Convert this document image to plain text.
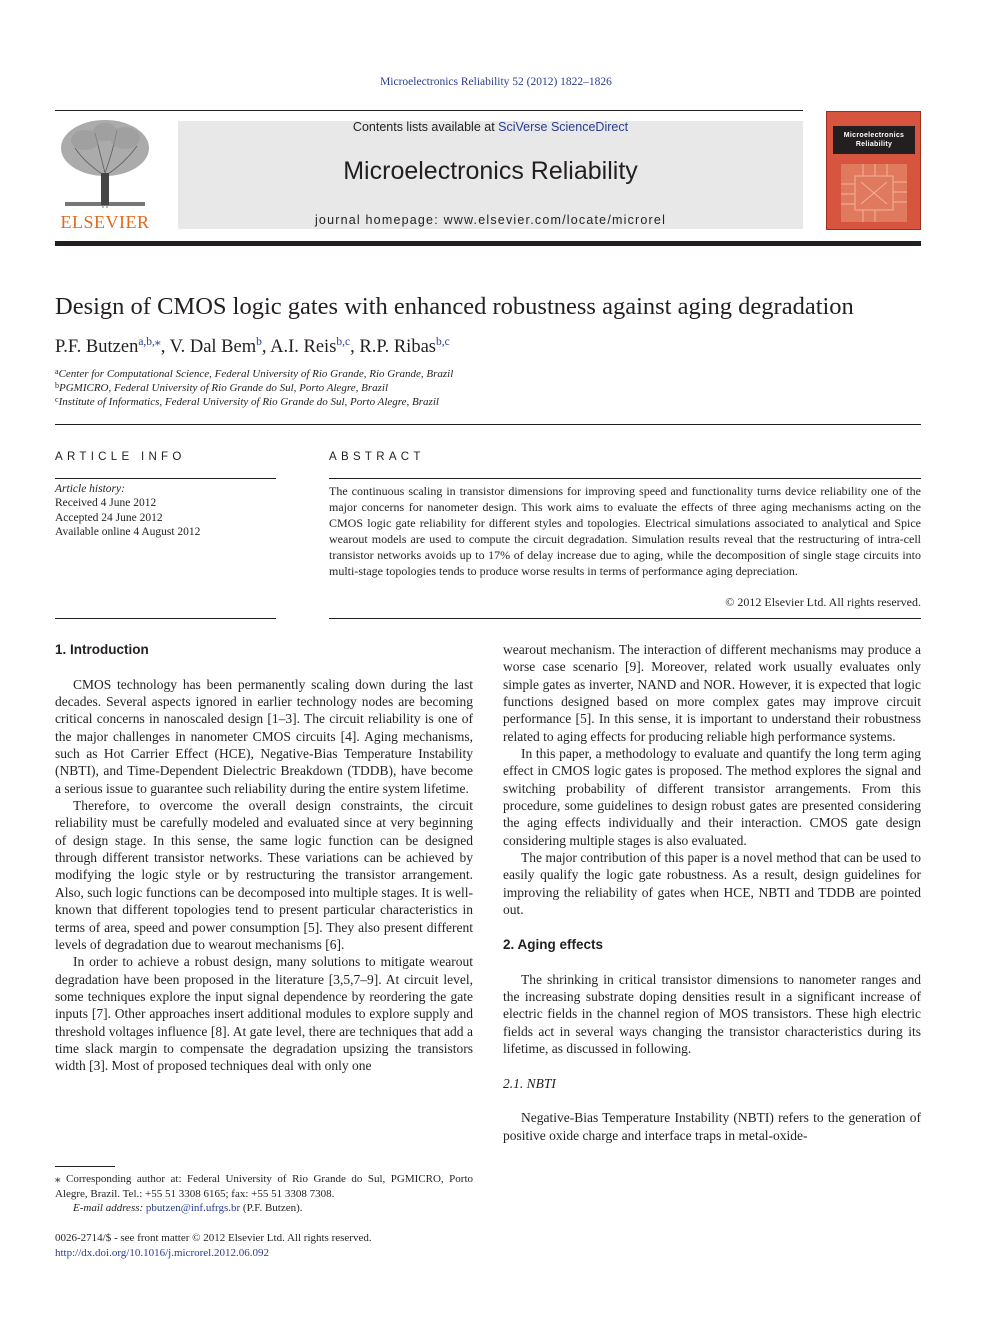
Microelectronics Reliability 52 (2012) 1822–1826
ELSEVIER
Contents lists available at SciVerse ScienceDirect
Microelectronics Reliability
journal homepage: www.elsevier.com/locate/microrel
Microelectronics
Reliability
Design of CMOS logic gates with enhanced robustness against aging degradation
P.F. Butzen$^{a,b,⁎}$, V. Dal Bem$^b$, A.I. Reis$^{b,c}$, R.P. Ribas$^{b,c}$
$^a$Center for Computational Science, Federal University of Rio Grande, Rio Grande, Brazil
$^b$PGMICRO, Federal University of Rio Grande do Sul, Porto Alegre, Brazil
$^c$Institute of Informatics, Federal University of Rio Grande do Sul, Porto Alegre, Brazil
ARTICLE INFO
Article history:
Received 4 June 2012
Accepted 24 June 2012
Available online 4 August 2012
ABSTRACT
The continuous scaling in transistor dimensions for improving speed and functionality turns device reliability one of the major concerns for nanometer design. This work aims to evaluate the effects of three aging mechanisms acting on the CMOS logic gate reliability for different styles and topologies. Electrical simulations associated to analytical and Spice wearout models are used to compute the circuit degradation. Simulation results reveal that the restructuring of intra-cell transistor networks avoids up to 17% of delay increase due to aging, while the decomposition of single stage circuits into multi-stage topologies tends to produce worse results in terms of performance aging depreciation.
© 2012 Elsevier Ltd. All rights reserved.
1. Introduction

CMOS technology has been permanently scaling down during the last decades. Several aspects ignored in earlier technology nodes are becoming critical concerns in nanoscaled design [1–3]. The circuit reliability is one of the major challenges in nanometer CMOS circuits [4]. Aging mechanisms, such as Hot Carrier Effect (HCE), Negative-Bias Temperature Instability (NBTI), and Time-Dependent Dielectric Breakdown (TDDB), have become a serious issue to guarantee such reliability during the entire system lifetime.

Therefore, to overcome the overall design constraints, the circuit reliability must be carefully modeled and evaluated since at very beginning of design stage. In this sense, the same logic function can be designed through different transistor networks. These variations can be achieved by modifying the logic style or by restructuring the transistor arrangement. Also, such logic functions can be decomposed into multiple stages. It is well-known that different topologies tend to present particular characteristics in terms of area, speed and power consumption [5]. They also present different levels of degradation due to wearout mechanisms [6].

In order to achieve a robust design, many solutions to mitigate wearout degradation have been proposed in the literature [3,5,7–9]. At circuit level, some techniques explore the input signal dependence by reordering the gate inputs [7]. Other approaches insert additional modules to explore supply and threshold voltages influence [8]. At gate level, there are techniques that add a time slack margin to compensate the degradation upsizing the transistors width [3]. Most of proposed techniques deal with only one

wearout mechanism. The interaction of different mechanisms may produce a worse case scenario [9]. Moreover, related work usually evaluates only simple gates as inverter, NAND and NOR. However, it is expected that logic functions designed based on more complex gates may improve circuit performance [5]. In this sense, it is important to understand their robustness related to aging effects for producing reliable high performance systems.

In this paper, a methodology to evaluate and quantify the long term aging effect in CMOS logic gates is proposed. The method explores the signal and switching probability of different transistor arrangements. From this procedure, some guidelines to design robust gates are presented considering the aging effects individually and their interaction. CMOS gate design considering multiple stages is also evaluated.

The major contribution of this paper is a novel method that can be used to easily qualify the logic gate robustness. As a result, design guidelines for improving the reliability of gates when HCE, NBTI and TDDB are pointed out.

2. Aging effects

The shrinking in critical transistor dimensions to nanometer ranges and the increasing substrate doping densities result in a significant increase of electric fields in the channel region of MOS transistors. These high electric fields act in several ways changing the transistor characteristics during its lifetime, as discussed in following.

2.1. NBTI

Negative-Bias Temperature Instability (NBTI) refers to the generation of positive oxide charge and interface traps in metal-oxide-

⁎ Corresponding author at: Federal University of Rio Grande do Sul, PGMICRO, Porto Alegre, Brazil. Tel.: +55 51 3308 6165; fax: +55 51 3308 7308.
E-mail address: pbutzen@inf.ufrgs.br (P.F. Butzen).
0026-2714/$ - see front matter © 2012 Elsevier Ltd. All rights reserved.
http://dx.doi.org/10.1016/j.microrel.2012.06.092
